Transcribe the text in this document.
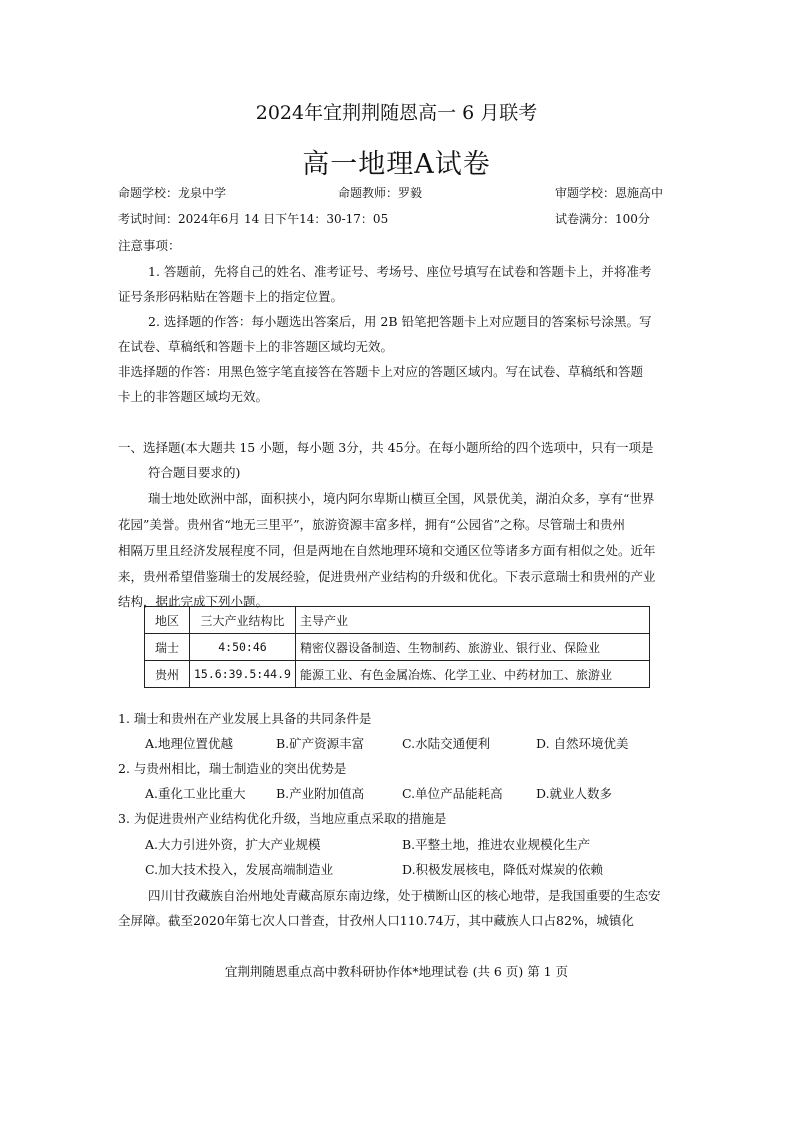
2024年宜荆荆随恩高一 6 月联考
高一地理A试卷
命题学校：龙泉中学	命题教师：罗毅	审题学校：恩施高中
考试时间：2024年6月 14 日下午14：30-17：05	试卷满分：100分
注意事项：
1. 答题前，先将自己的姓名、准考证号、考场号、座位号填写在试卷和答题卡上，并将准考
证号条形码粘贴在答题卡上的指定位置。
2. 选择题的作答：每小题选出答案后，用 2B 铅笔把答题卡上对应题目的答案标号涂黑。写
在试卷、草稿纸和答题卡上的非答题区域均无效。
非选择题的作答：用黑色签字笔直接答在答题卡上对应的答题区域内。写在试卷、草稿纸和答题
卡上的非答题区域均无效。
一、选择题(本大题共 15 小题，每小题 3分，共 45分。在每小题所给的四个选项中，只有一项是
符合题目要求的)
瑞士地处欧洲中部，面积挟小，境内阿尔卑斯山横亘全国，风景优美，湖泊众多，享有“世界
花园”美誉。贵州省“地无三里平”，旅游资源丰富多样，拥有“公园省”之称。尽管瑞士和贵州
相隔万里且经济发展程度不同，但是两地在自然地理环境和交通区位等诸多方面有相似之处。近年
来，贵州希望借鉴瑞士的发展经验，促进贵州产业结构的升级和优化。下表示意瑞士和贵州的产业
结构，据此完成下列小题。
地区	三大产业结构比	主导产业
瑞士	4:50:46	精密仪器设备制造、生物制药、旅游业、银行业、保险业
贵州	15.6:39.5:44.9	能源工业、有色金属冶炼、化学工业、中药材加工、旅游业
1. 瑞士和贵州在产业发展上具备的共同条件是
A.地理位置优越	B.矿产资源丰富	C.水陆交通便利	D. 自然环境优美
2. 与贵州相比，瑞士制造业的突出优势是
A.重化工业比重大 B.产业附加值高	C.单位产品能耗高	D.就业人数多
3. 为促进贵州产业结构优化升级，当地应重点采取的措施是
A.大力引进外资，扩大产业规模	B.平整土地，推进农业规模化生产
C.加大技术投入，发展高端制造业	D.积极发展核电，降低对煤炭的依赖
四川甘孜藏族自治州地处青藏高原东南边缘，处于横断山区的核心地带，是我国重要的生态安
全屏障。截至2020年第七次人口普查，甘孜州人口110.74万，其中藏族人口占82%，城镇化
宜荆荆随恩重点高中教科研协作体*地理试卷 (共 6 页) 第 1 页
